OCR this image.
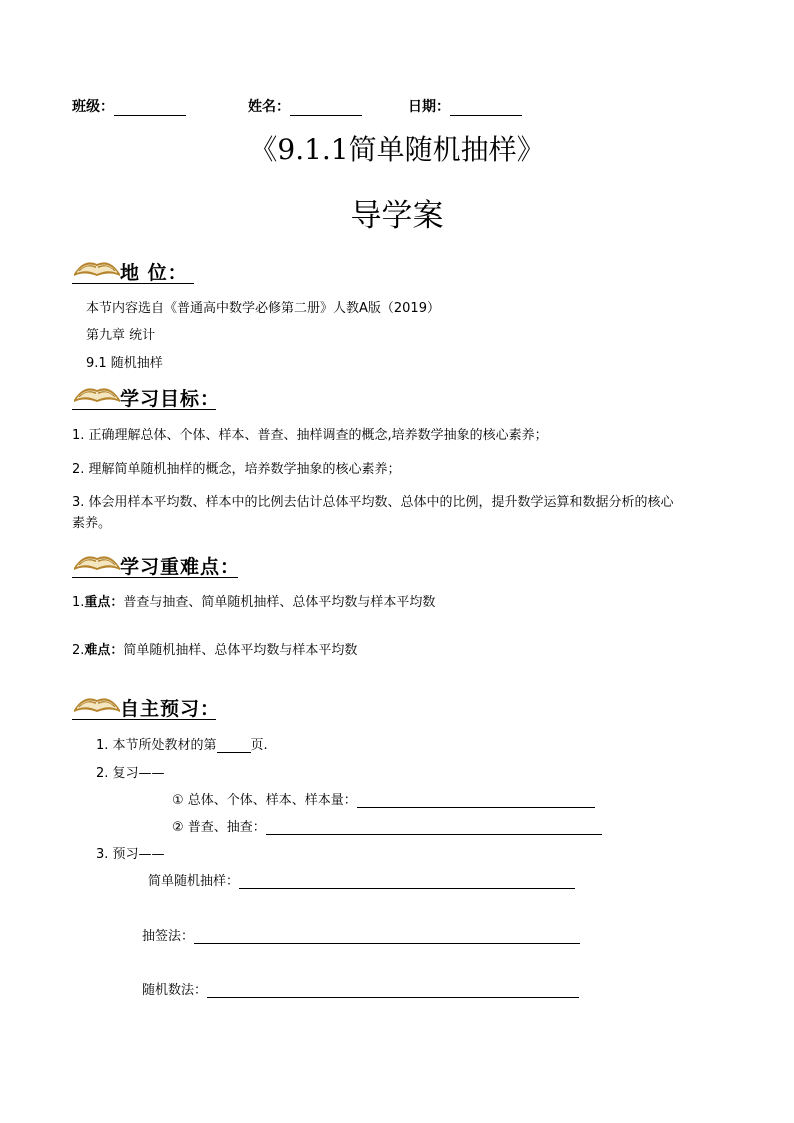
班级：	姓名：	日期：
《9.1.1简单随机抽样》
导学案
地 位：
本节内容选自《普通高中数学必修第二册》人教A版（2019）
第九章 统计
9.1 随机抽样
学习目标：
1. 正确理解总体、个体、样本、普查、抽样调查的概念,培养数学抽象的核心素养；
2. 理解简单随机抽样的概念，培养数学抽象的核心素养；
3. 体会用样本平均数、样本中的比例去估计总体平均数、总体中的比例，提升数学运算和数据分析的核心
素养。
学习重难点：
1.重点：普查与抽查、简单随机抽样、总体平均数与样本平均数
2.难点：简单随机抽样、总体平均数与样本平均数
自主预习：
1. 本节所处教材的第	页.
2. 复习——
① 总体、个体、样本、样本量：
② 普查、抽查：
3. 预习——
简单随机抽样：
抽签法：
随机数法：
